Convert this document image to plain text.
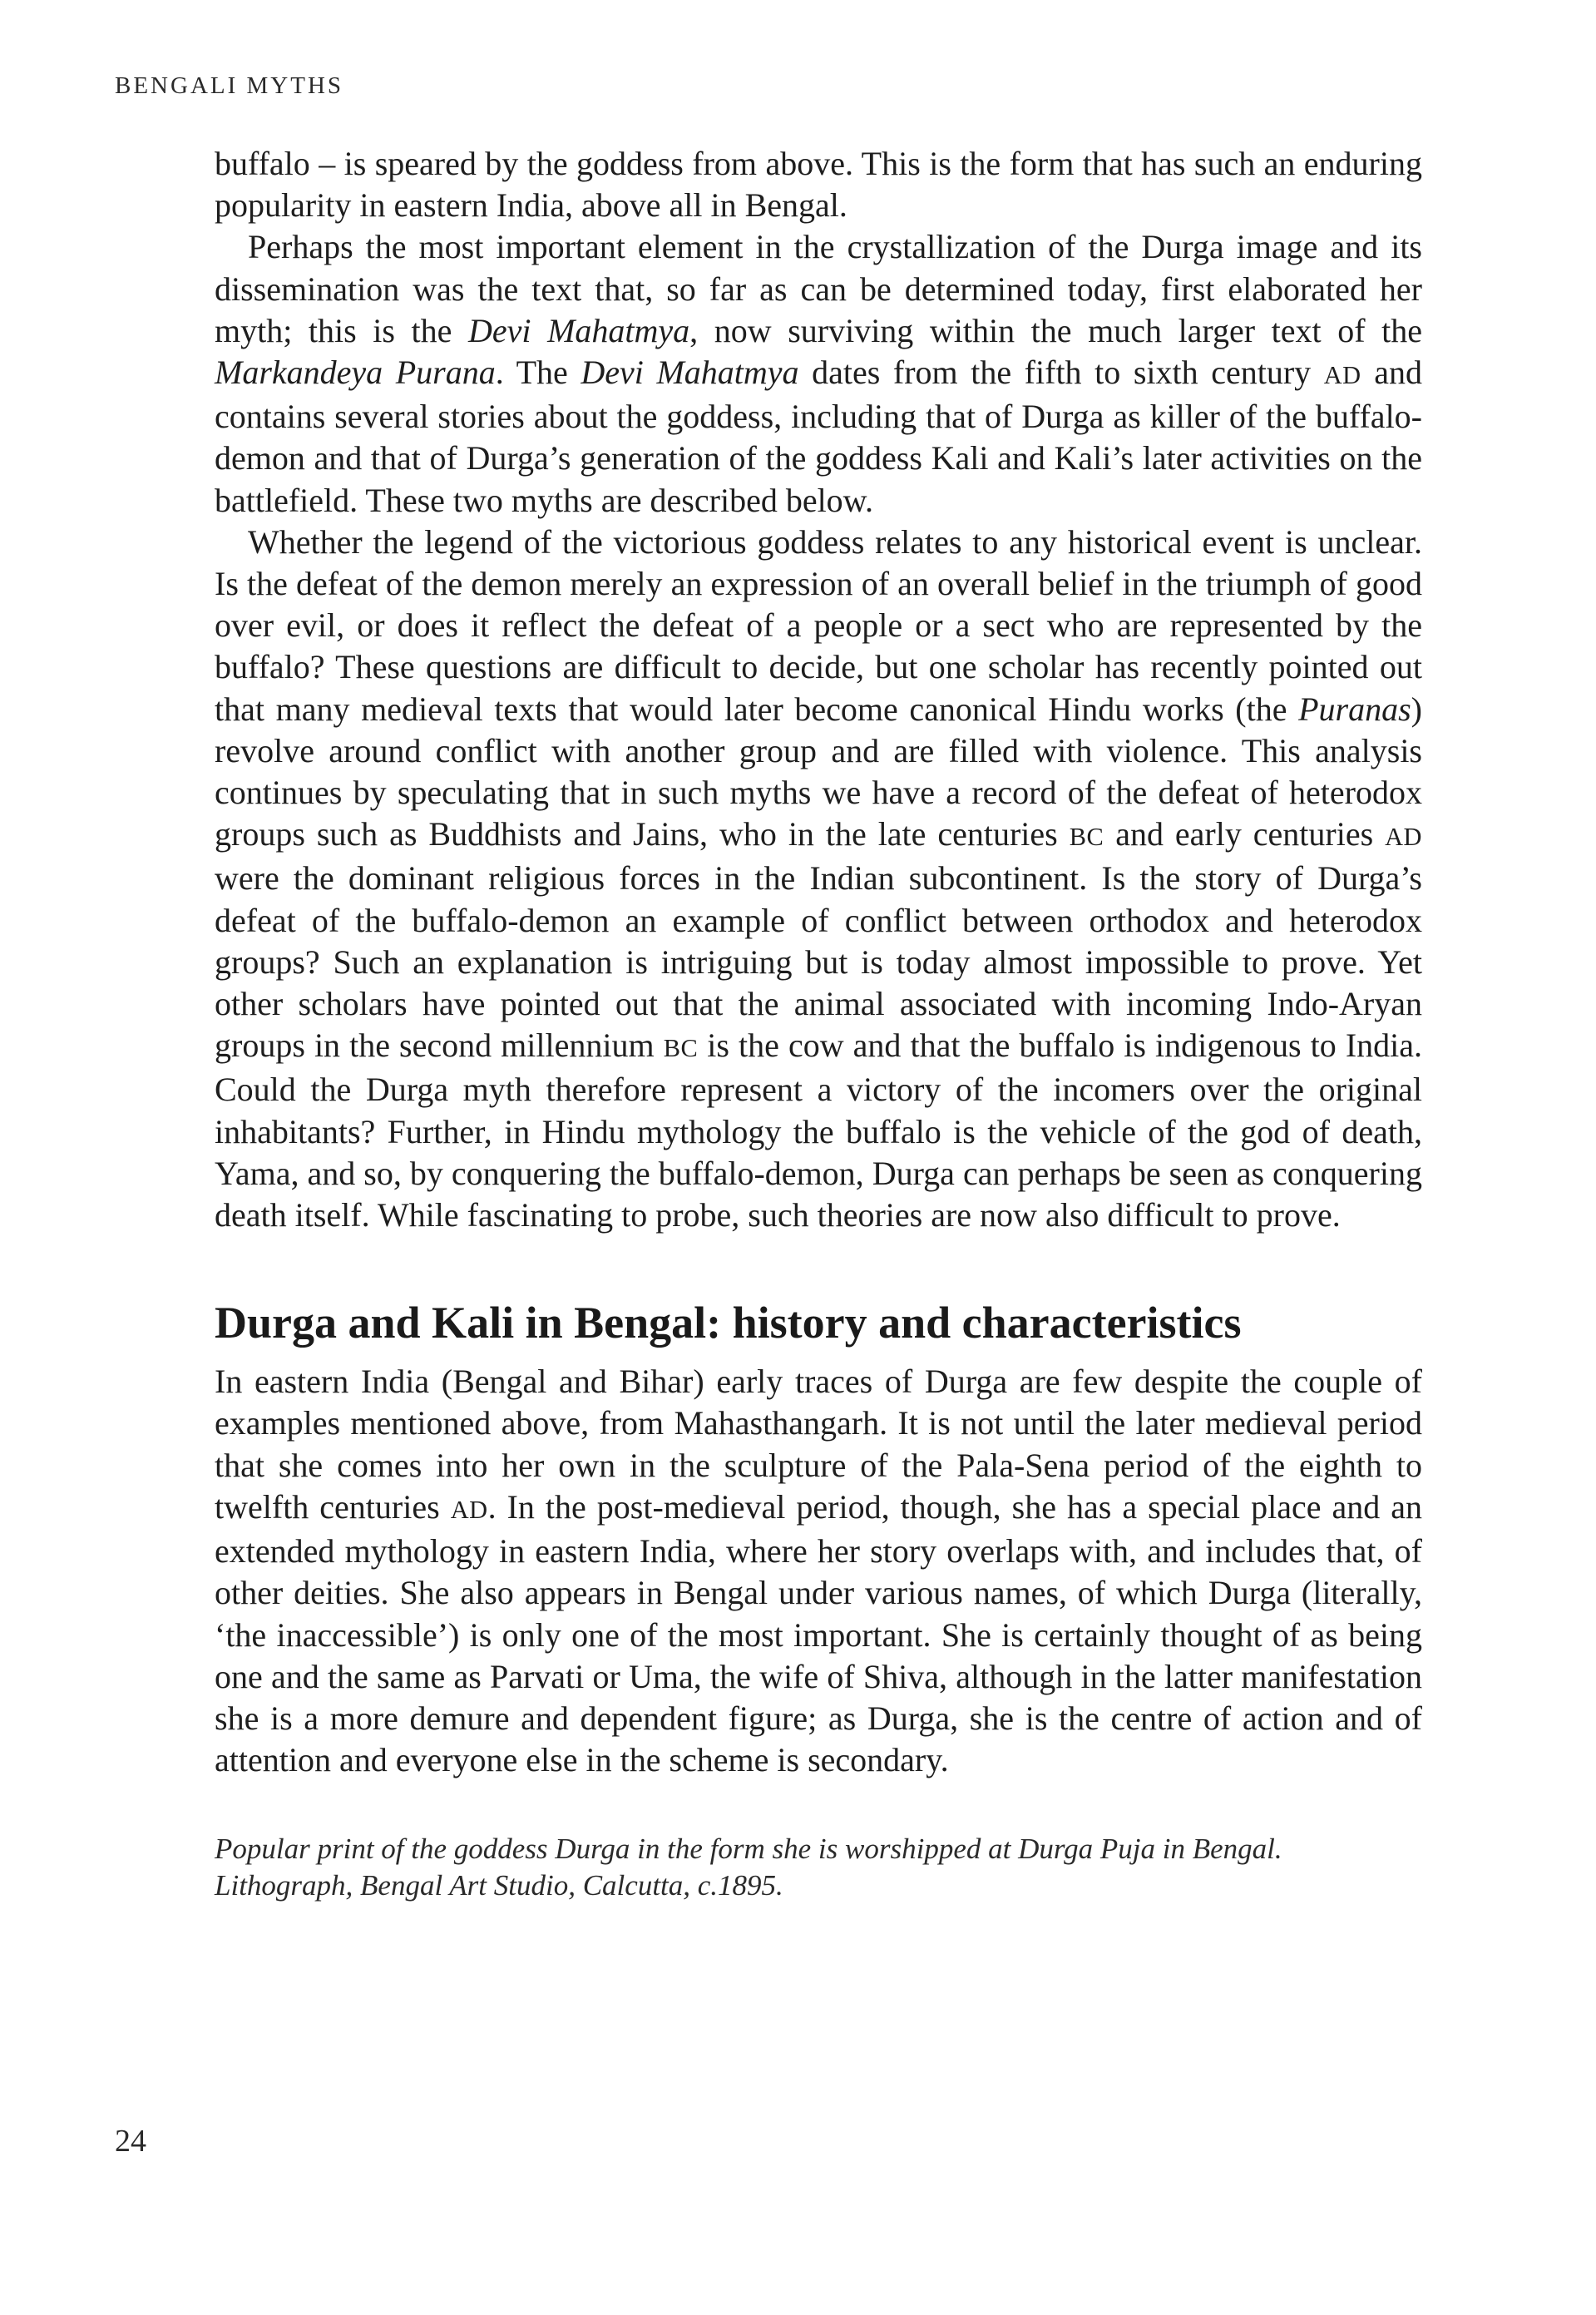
BENGALI MYTHS

buffalo – is speared by the goddess from above. This is the form that has such an enduring popularity in eastern India, above all in Bengal.

Perhaps the most important element in the crystallization of the Durga image and its dissemination was the text that, so far as can be determined today, first elaborated her myth; this is the Devi Mahatmya, now surviving within the much larger text of the Markandeya Purana. The Devi Mahatmya dates from the fifth to sixth century AD and contains several stories about the goddess, including that of Durga as killer of the buffalo-demon and that of Durga’s generation of the goddess Kali and Kali’s later activities on the battlefield. These two myths are described below.

Whether the legend of the victorious goddess relates to any historical event is unclear. Is the defeat of the demon merely an expression of an overall belief in the triumph of good over evil, or does it reflect the defeat of a people or a sect who are represented by the buffalo? These questions are difficult to decide, but one scholar has recently pointed out that many medieval texts that would later become canonical Hindu works (the Puranas) revolve around conflict with another group and are filled with violence. This analysis continues by speculating that in such myths we have a record of the defeat of heterodox groups such as Buddhists and Jains, who in the late centuries BC and early centuries AD were the dominant religious forces in the Indian subcontinent. Is the story of Durga’s defeat of the buffalo-demon an example of conflict between orthodox and heterodox groups? Such an explanation is intriguing but is today almost impossible to prove. Yet other scholars have pointed out that the animal associated with incoming Indo-Aryan groups in the second millennium BC is the cow and that the buffalo is indigenous to India. Could the Durga myth therefore represent a victory of the incomers over the original inhabitants? Further, in Hindu mythology the buffalo is the vehicle of the god of death, Yama, and so, by conquering the buffalo-demon, Durga can perhaps be seen as conquering death itself. While fascinating to probe, such theories are now also difficult to prove.

Durga and Kali in Bengal: history and characteristics

In eastern India (Bengal and Bihar) early traces of Durga are few despite the couple of examples mentioned above, from Mahasthangarh. It is not until the later medieval period that she comes into her own in the sculpture of the Pala-Sena period of the eighth to twelfth centuries AD. In the post-medieval period, though, she has a special place and an extended mythology in eastern India, where her story overlaps with, and includes that, of other deities. She also appears in Bengal under various names, of which Durga (literally, ‘the inaccessible’) is only one of the most important. She is certainly thought of as being one and the same as Parvati or Uma, the wife of Shiva, although in the latter manifestation she is a more demure and dependent figure; as Durga, she is the centre of action and of attention and everyone else in the scheme is secondary.

Popular print of the goddess Durga in the form she is worshipped at Durga Puja in Bengal. Lithograph, Bengal Art Studio, Calcutta, c.1895.
24
